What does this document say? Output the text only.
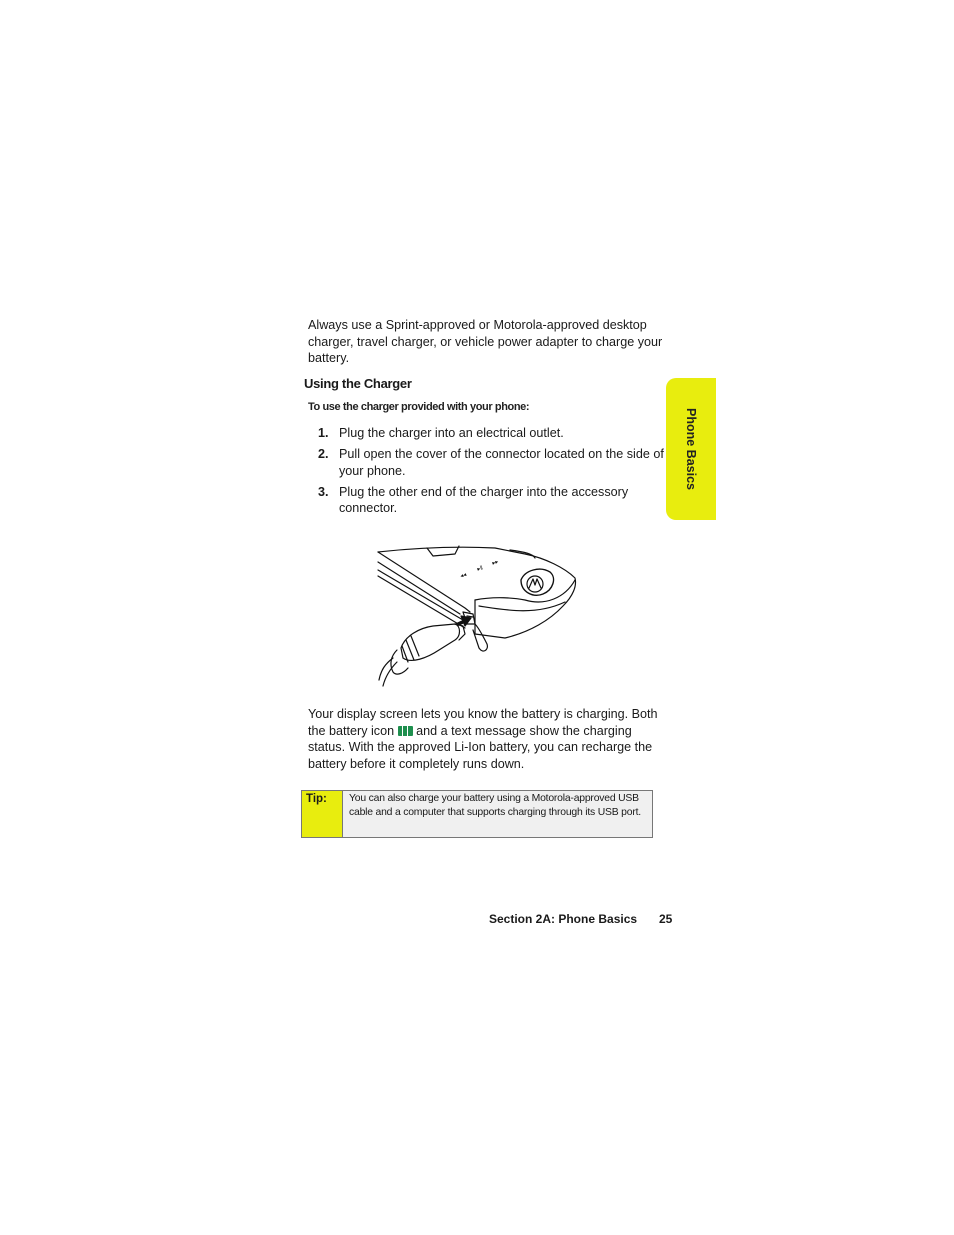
Always use a Sprint-approved or Motorola-approved desktop charger, travel charger, or vehicle power adapter to charge your battery.

Using the Charger
To use the charger provided with your phone:
1. Plug the charger into an electrical outlet.
2. Pull open the cover of the connector located on the side of your phone.
3. Plug the other end of the charger into the accessory connector.
◂◂
▸‖
▸▸

Your display screen lets you know the battery is charging. Both the battery icon and a text message show the charging status. With the approved Li-Ion battery, you can recharge the battery before it completely runs down.

Tip:	You can also charge your battery using a Motorola-approved USB cable and a computer that supports charging through its USB port.
Phone Basics

Section 2A: Phone Basics 25
